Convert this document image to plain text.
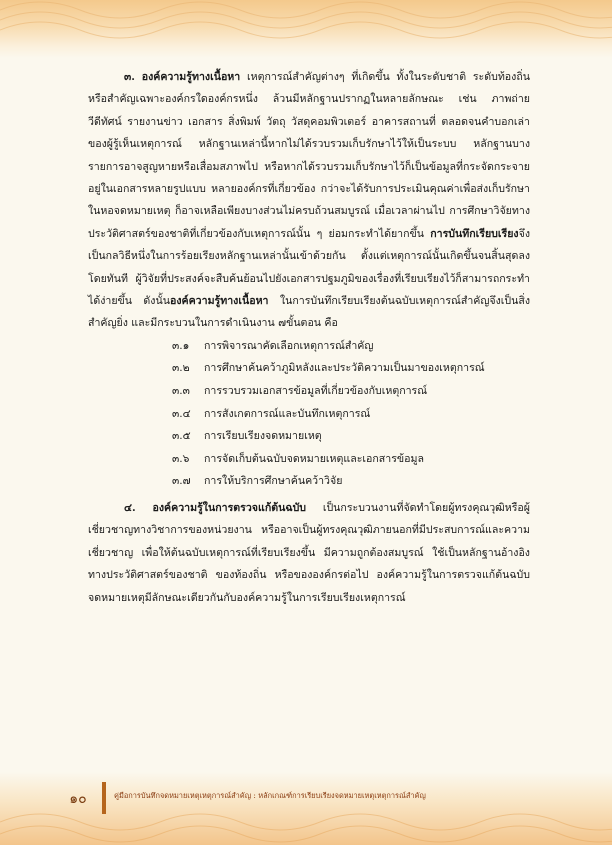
๓. องค์ความรู้ทางเนื้อหา เหตุการณ์สำคัญต่างๆ ที่เกิดขึ้น ทั้งในระดับชาติ ระดับท้องถิ่น หรือสำคัญเฉพาะองค์กรใดองค์กรหนึ่ง ล้วนมีหลักฐานปรากฏในหลายลักษณะ เช่น ภาพถ่าย วีดีทัศน์ รายงานข่าว เอกสาร สิ่งพิมพ์ วัตถุ วัสดุคอมพิวเตอร์ อาคารสถานที่ ตลอดจนคำบอกเล่าของผู้รู้เห็นเหตุการณ์ หลักฐานเหล่านี้หากไม่ได้รวบรวมเก็บรักษาไว้ให้เป็นระบบ หลักฐานบางรายการอาจสูญหายหรือเสื่อมสภาพไป หรือหากได้รวบรวมเก็บรักษาไว้ก็เป็นข้อมูลที่กระจัดกระจายอยู่ในเอกสารหลายรูปแบบ หลายองค์กรที่เกี่ยวข้อง กว่าจะได้รับการประเมินคุณค่าเพื่อส่งเก็บรักษาในหอจดหมายเหตุ ก็อาจเหลือเพียงบางส่วนไม่ครบถ้วนสมบูรณ์ เมื่อเวลาผ่านไป การศึกษาวิจัยทางประวัติศาสตร์ของชาติที่เกี่ยวข้องกับเหตุการณ์นั้น ๆ ย่อมกระทำได้ยากขึ้น การบันทึกเรียบเรียงจึงเป็นกลวิธีหนึ่งในการร้อยเรียงหลักฐานเหล่านั้นเข้าด้วยกัน ตั้งแต่เหตุการณ์นั้นเกิดขึ้นจนสิ้นสุดลงโดยทันที ผู้วิจัยที่ประสงค์จะสืบค้นย้อนไปยังเอกสารปฐมภูมิของเรื่องที่เรียบเรียงไว้ก็สามารถกระทำได้ง่ายขึ้น ดังนั้นองค์ความรู้ทางเนื้อหา ในการบันทึกเรียบเรียงต้นฉบับเหตุการณ์สำคัญจึงเป็นสิ่งสำคัญยิ่ง และมีกระบวนในการดำเนินงาน ๗ขั้นตอน คือ

๓.๑ การพิจารณาคัดเลือกเหตุการณ์สำคัญ
๓.๒ การศึกษาค้นคว้าภูมิหลังและประวัติความเป็นมาของเหตุการณ์
๓.๓ การรวบรวมเอกสารข้อมูลที่เกี่ยวข้องกับเหตุการณ์
๓.๔ การสังเกตการณ์และบันทึกเหตุการณ์
๓.๕ การเรียบเรียงจดหมายเหตุ
๓.๖ การจัดเก็บต้นฉบับจดหมายเหตุและเอกสารข้อมูล
๓.๗ การให้บริการศึกษาค้นคว้าวิจัย

๔. องค์ความรู้ในการตรวจแก้ต้นฉบับ เป็นกระบวนงานที่จัดทำโดยผู้ทรงคุณวุฒิหรือผู้เชี่ยวชาญทางวิชาการของหน่วยงาน หรืออาจเป็นผู้ทรงคุณวุฒิภายนอกที่มีประสบการณ์และความเชี่ยวชาญ เพื่อให้ต้นฉบับเหตุการณ์ที่เรียบเรียงขึ้น มีความถูกต้องสมบูรณ์ ใช้เป็นหลักฐานอ้างอิงทางประวัติศาสตร์ของชาติ ของท้องถิ่น หรือขององค์กรต่อไป องค์ความรู้ในการตรวจแก้ต้นฉบับจดหมายเหตุมีลักษณะเดียวกันกับองค์ความรู้ในการเรียบเรียงเหตุการณ์

๑๐	คู่มือการบันทึกจดหมายเหตุเหตุการณ์สำคัญ : หลักเกณฑ์การเรียบเรียงจดหมายเหตุเหตุการณ์สำคัญ
